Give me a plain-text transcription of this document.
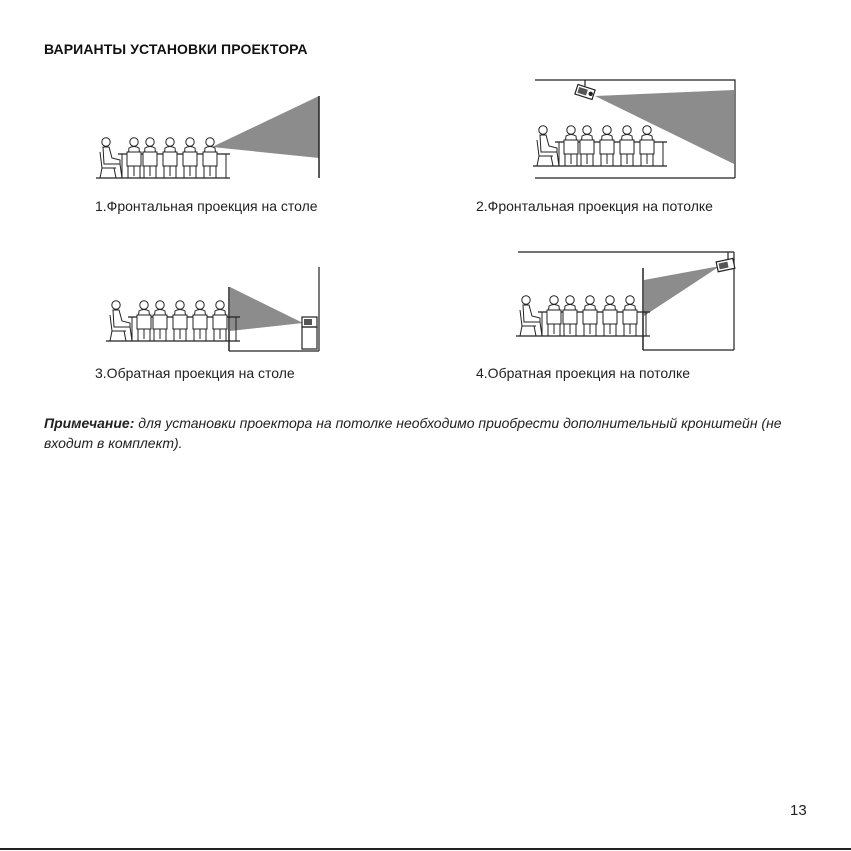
ВАРИАНТЫ УСТАНОВКИ ПРОЕКТОРА
1.Фронтальная проекция на столе	2.Фронтальная проекция на потолке
3.Обратная проекция на столе	4.Обратная проекция на потолке
Примечание: для установки проектора на потолке необходимо приобрести дополнительный кронштейн (не входит в комплект).
13
